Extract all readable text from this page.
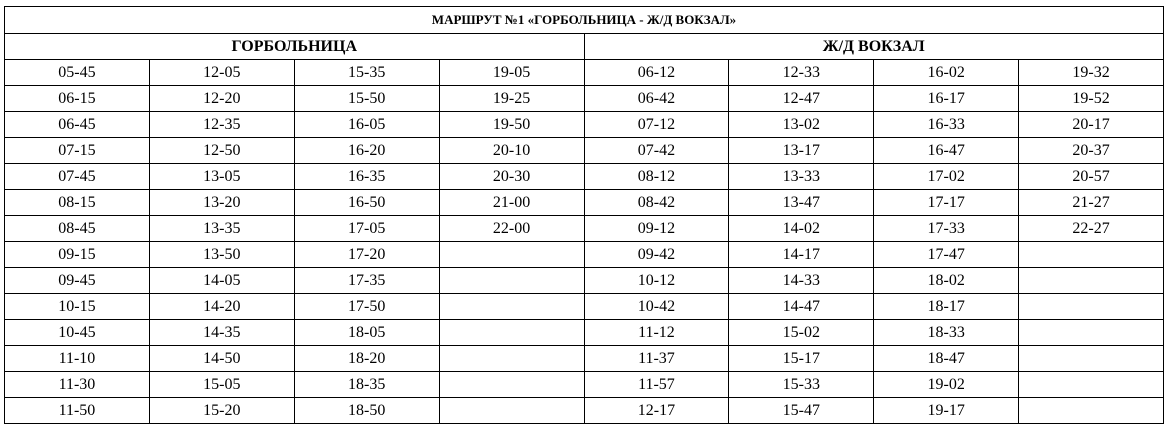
МАРШРУТ №1 «ГОРБОЛЬНИЦА - Ж/Д ВОКЗАЛ»							
ГОРБОЛЬНИЦА				Ж/Д ВОКЗАЛ			
05-45	12-05	15-35	19-05	06-12	12-33	16-02	19-32
06-15	12-20	15-50	19-25	06-42	12-47	16-17	19-52
06-45	12-35	16-05	19-50	07-12	13-02	16-33	20-17
07-15	12-50	16-20	20-10	07-42	13-17	16-47	20-37
07-45	13-05	16-35	20-30	08-12	13-33	17-02	20-57
08-15	13-20	16-50	21-00	08-42	13-47	17-17	21-27
08-45	13-35	17-05	22-00	09-12	14-02	17-33	22-27
09-15	13-50	17-20		09-42	14-17	17-47	
09-45	14-05	17-35		10-12	14-33	18-02	
10-15	14-20	17-50		10-42	14-47	18-17	
10-45	14-35	18-05		11-12	15-02	18-33	
11-10	14-50	18-20		11-37	15-17	18-47	
11-30	15-05	18-35		11-57	15-33	19-02	
11-50	15-20	18-50		12-17	15-47	19-17	
